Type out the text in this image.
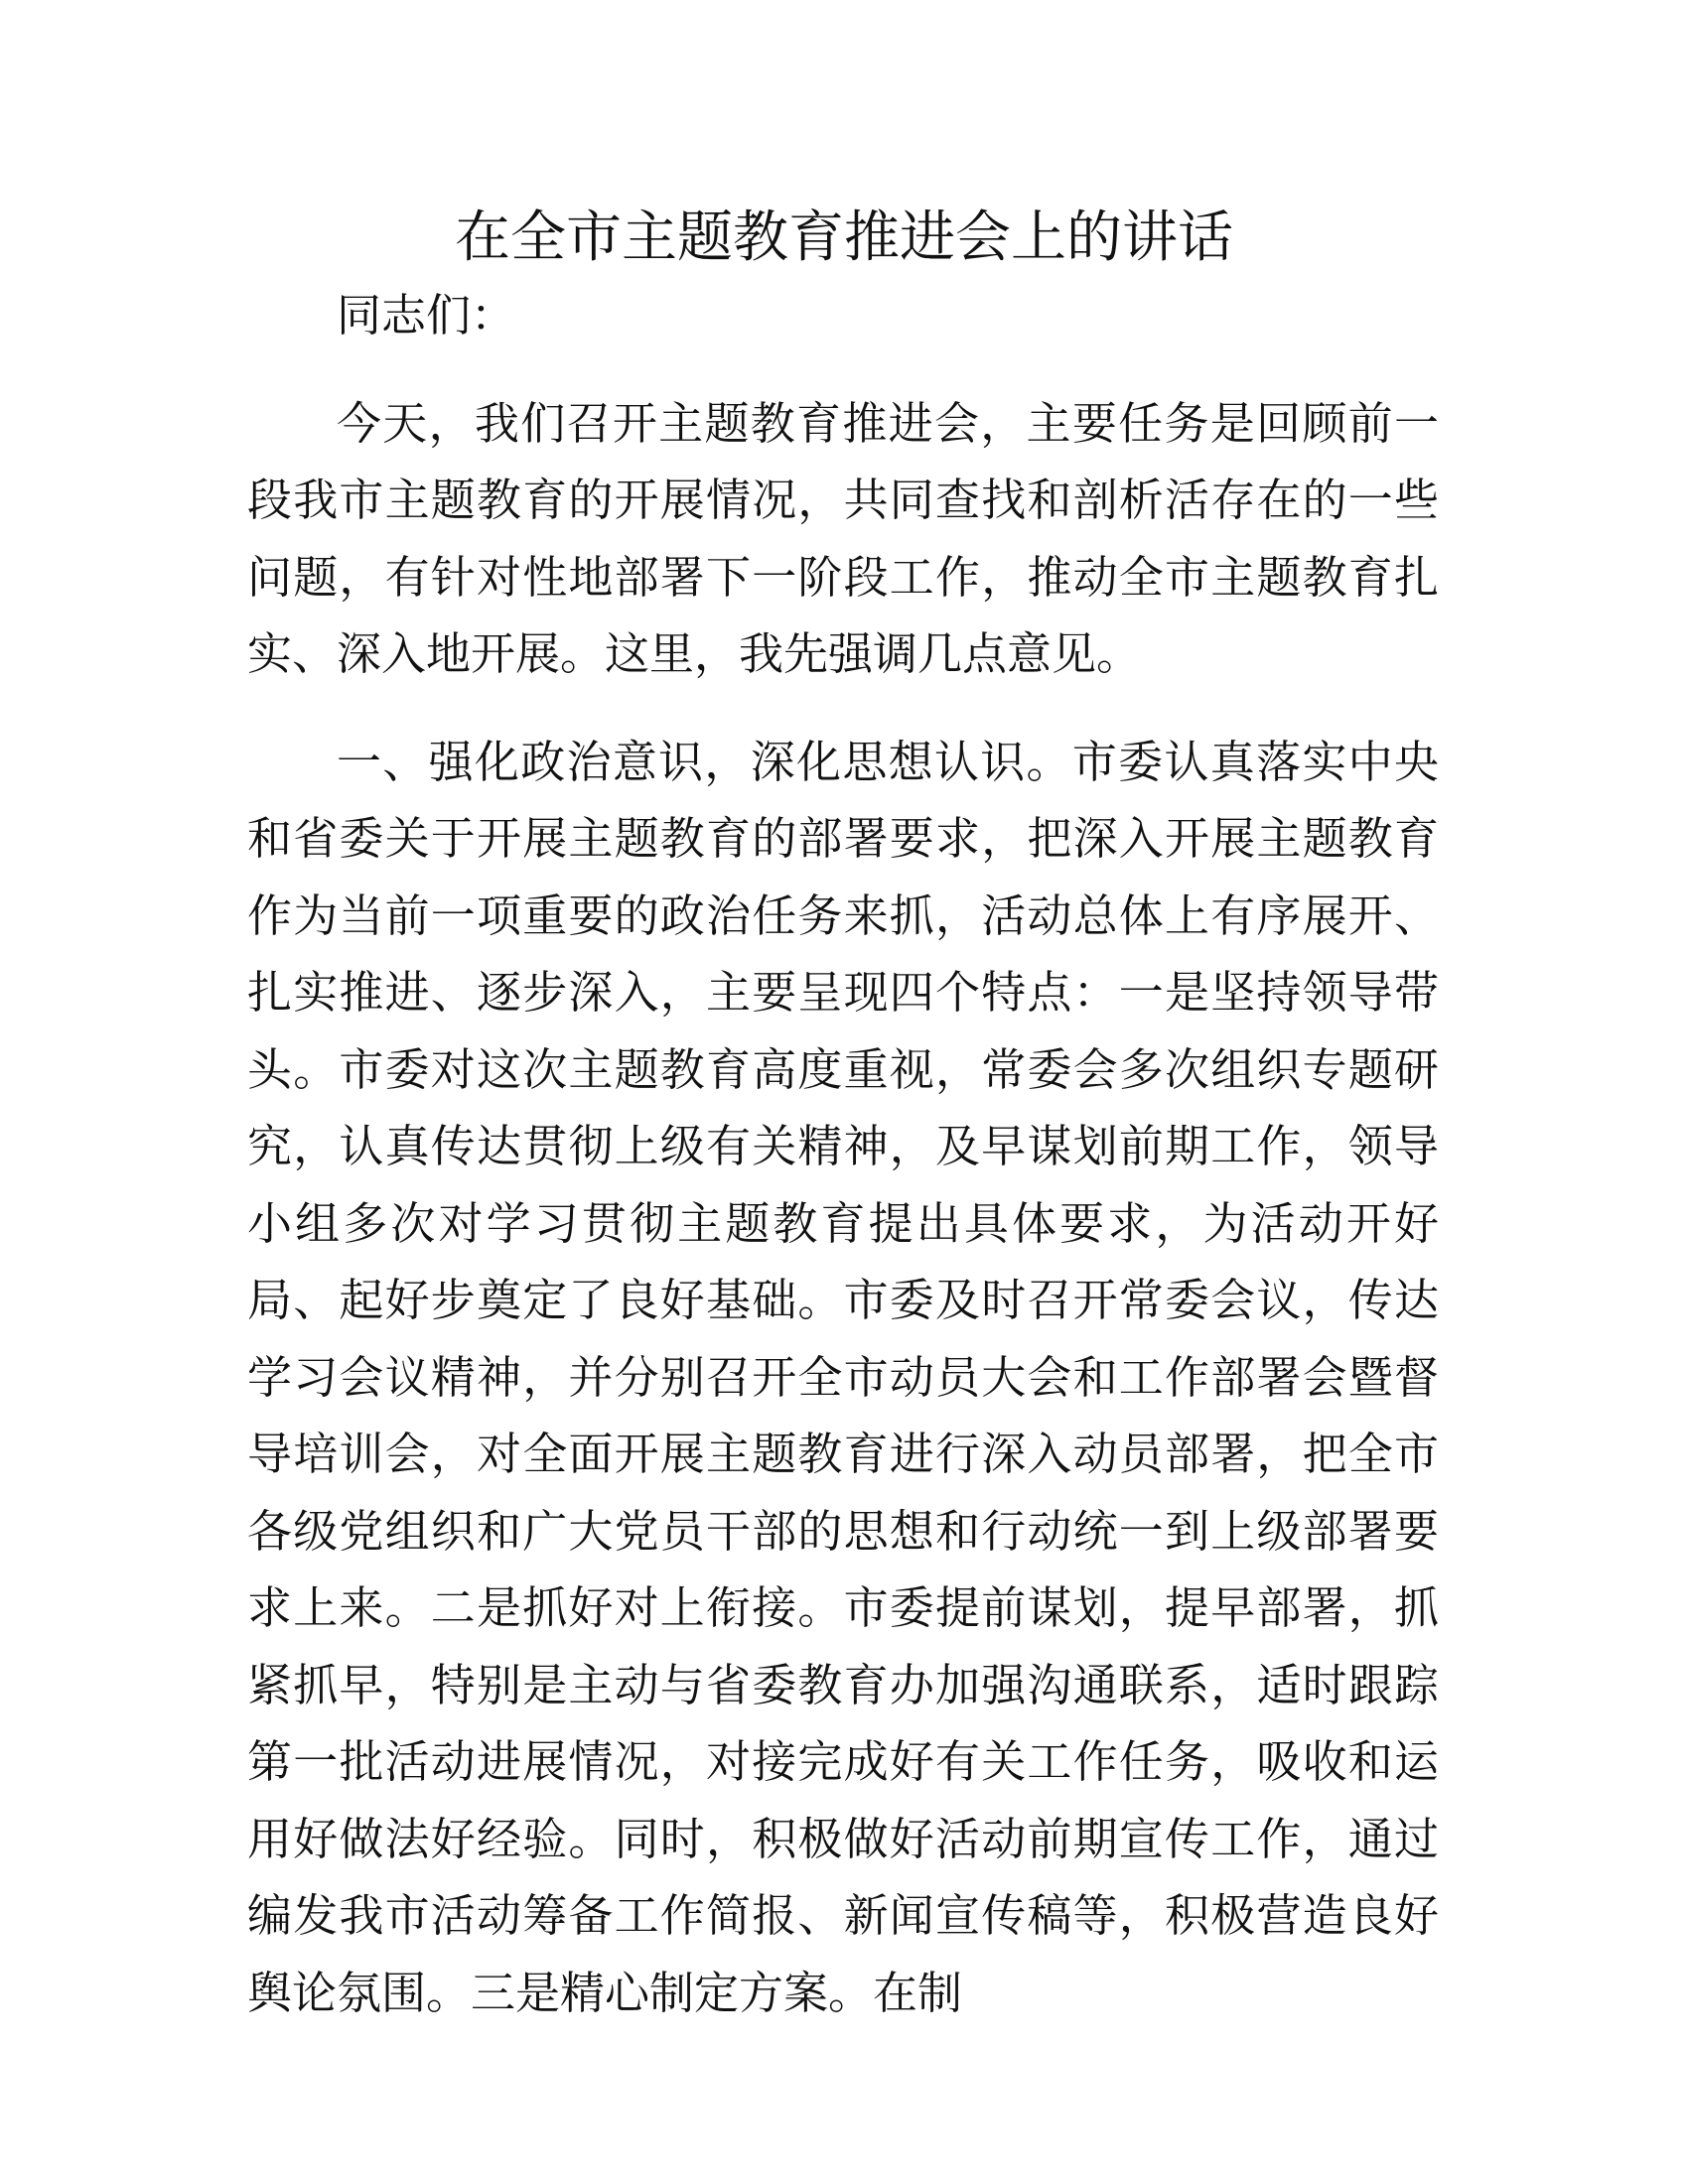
在全市主题教育推进会上的讲话

同志们：

今天，我们召开主题教育推进会，主要任务是回顾前一段我市主题教育的开展情况，共同查找和剖析活存在的一些问题，有针对性地部署下一阶段工作，推动全市主题教育扎实、深入地开展。这里，我先强调几点意见。

一、强化政治意识，深化思想认识。市委认真落实中央和省委关于开展主题教育的部署要求，把深入开展主题教育作为当前一项重要的政治任务来抓，活动总体上有序展开、扎实推进、逐步深入，主要呈现四个特点：一是坚持领导带头。市委对这次主题教育高度重视，常委会多次组织专题研究，认真传达贯彻上级有关精神，及早谋划前期工作，领导小组多次对学习贯彻主题教育提出具体要求，为活动开好局、起好步奠定了良好基础。市委及时召开常委会议，传达学习会议精神，并分别召开全市动员大会和工作部署会暨督导培训会，对全面开展主题教育进行深入动员部署，把全市各级党组织和广大党员干部的思想和行动统一到上级部署要求上来。二是抓好对上衔接。市委提前谋划，提早部署，抓紧抓早，特别是主动与省委教育办加强沟通联系，适时跟踪第一批活动进展情况，对接完成好有关工作任务，吸收和运用好做法好经验。同时，积极做好活动前期宣传工作，通过编发我市活动筹备工作简报、新闻宣传稿等，积极营造良好舆论氛围。三是精心制定方案。在制
